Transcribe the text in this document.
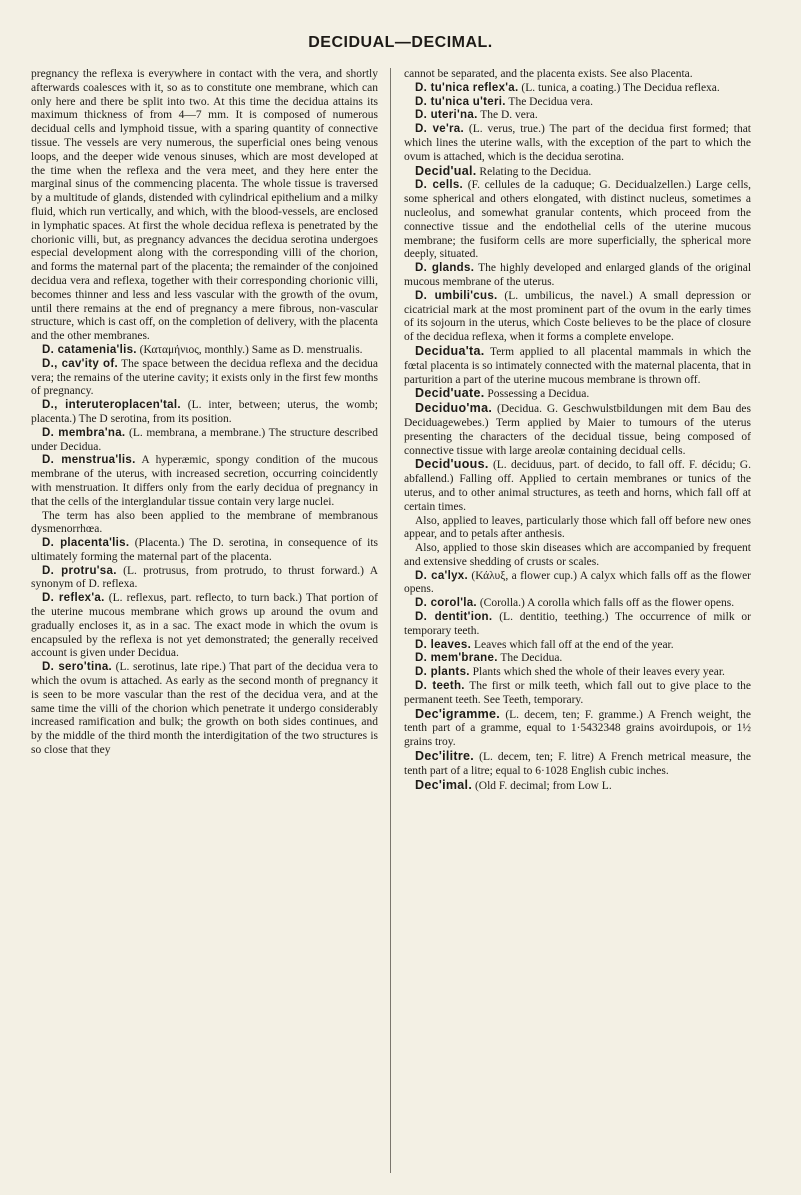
DECIDUAL—DECIMAL.

pregnancy the reflexa is everywhere in contact with the vera, and shortly afterwards coalesces with it, so as to constitute one membrane, which can only here and there be split into two. At this time the decidua attains its maximum thickness of from 4—7 mm. It is composed of numerous decidual cells and lymphoid tissue, with a sparing quantity of connective tissue. The vessels are very numerous, the superficial ones being venous loops, and the deeper wide venous sinuses, which are most developed at the time when the reflexa and the vera meet, and they here enter the marginal sinus of the commencing placenta. The whole tissue is traversed by a multitude of glands, distended with cylindrical epithelium and a milky fluid, which run vertically, and which, with the blood-vessels, are enclosed in lymphatic spaces. At first the whole decidua reflexa is penetrated by the chorionic villi, but, as pregnancy advances the decidua serotina undergoes especial development along with the corresponding villi of the chorion, and forms the maternal part of the placenta; the remainder of the conjoined decidua vera and reflexa, together with their corresponding chorionic villi, becomes thinner and less and less vascular with the growth of the ovum, until there remains at the end of pregnancy a mere fibrous, non-vascular structure, which is cast off, on the completion of delivery, with the placenta and the other membranes.

D. catamenia'lis. (Καταμήνιος, monthly.) Same as D. menstrualis.

D., cav'ity of. The space between the decidua reflexa and the decidua vera; the remains of the uterine cavity; it exists only in the first few months of pregnancy.

D., interuteroplacen'tal. (L. inter, between; uterus, the womb; placenta.) The D serotina, from its position.

D. membra'na. (L. membrana, a membrane.) The structure described under Decidua.

D. menstrua'lis. A hyperæmic, spongy condition of the mucous membrane of the uterus, with increased secretion, occurring coincidently with menstruation. It differs only from the early decidua of pregnancy in that the cells of the interglandular tissue contain very large nuclei.

The term has also been applied to the membrane of membranous dysmenorrhœa.

D. placenta'lis. (Placenta.) The D. serotina, in consequence of its ultimately forming the maternal part of the placenta.

D. protru'sa. (L. protrusus, from protrudo, to thrust forward.) A synonym of D. reflexa.

D. reflex'a. (L. reflexus, part. reflecto, to turn back.) That portion of the uterine mucous membrane which grows up around the ovum and gradually encloses it, as in a sac. The exact mode in which the ovum is encapsuled by the reflexa is not yet demonstrated; the generally received account is given under Decidua.

D. sero'tina. (L. serotinus, late ripe.) That part of the decidua vera to which the ovum is attached. As early as the second month of pregnancy it is seen to be more vascular than the rest of the decidua vera, and at the same time the villi of the chorion which penetrate it undergo considerably increased ramification and bulk; the growth on both sides continues, and by the middle of the third month the interdigitation of the two structures is so close that they

cannot be separated, and the placenta exists. See also Placenta.

D. tu'nica reflex'a. (L. tunica, a coating.) The Decidua reflexa.

D. tu'nica u'teri. The Decidua vera.

D. uteri'na. The D. vera.

D. ve'ra. (L. verus, true.) The part of the decidua first formed; that which lines the uterine walls, with the exception of the part to which the ovum is attached, which is the decidua serotina.

Decid'ual. Relating to the Decidua.

D. cells. (F. cellules de la caduque; G. Decidualzellen.) Large cells, some spherical and others elongated, with distinct nucleus, sometimes a nucleolus, and somewhat granular contents, which proceed from the connective tissue and the endothelial cells of the uterine mucous membrane; the fusiform cells are more superficially, the spherical more deeply, situated.

D. glands. The highly developed and enlarged glands of the original mucous membrane of the uterus.

D. umbili'cus. (L. umbilicus, the navel.) A small depression or cicatricial mark at the most prominent part of the ovum in the early times of its sojourn in the uterus, which Coste believes to be the place of closure of the decidua reflexa, when it forms a complete envelope.

Decidua'ta. Term applied to all placental mammals in which the fœtal placenta is so intimately connected with the maternal placenta, that in parturition a part of the uterine mucous membrane is thrown off.

Decid'uate. Possessing a Decidua.

Deciduo'ma. (Decidua. G. Geschwulstbildungen mit dem Bau des Deciduagewebes.) Term applied by Maier to tumours of the uterus presenting the characters of the decidual tissue, being composed of connective tissue with large areolæ containing decidual cells.

Decid'uous. (L. deciduus, part. of decido, to fall off. F. décidu; G. abfallend.) Falling off. Applied to certain membranes or tunics of the uterus, and to other animal structures, as teeth and horns, which fall off at certain times.

Also, applied to leaves, particularly those which fall off before new ones appear, and to petals after anthesis.

Also, applied to those skin diseases which are accompanied by frequent and extensive shedding of crusts or scales.

D. ca'lyx. (Κάλυξ, a flower cup.) A calyx which falls off as the flower opens.

D. corol'la. (Corolla.) A corolla which falls off as the flower opens.

D. dentit'ion. (L. dentitio, teething.) The occurrence of milk or temporary teeth.

D. leaves. Leaves which fall off at the end of the year.

D. mem'brane. The Decidua.

D. plants. Plants which shed the whole of their leaves every year.

D. teeth. The first or milk teeth, which fall out to give place to the permanent teeth. See Teeth, temporary.

Dec'igramme. (L. decem, ten; F. gramme.) A French weight, the tenth part of a gramme, equal to 1·5432348 grains avoirdupois, or 1½ grains troy.

Dec'ilitre. (L. decem, ten; F. litre) A French metrical measure, the tenth part of a litre; equal to 6·1028 English cubic inches.

Dec'imal. (Old F. decimal; from Low L.
